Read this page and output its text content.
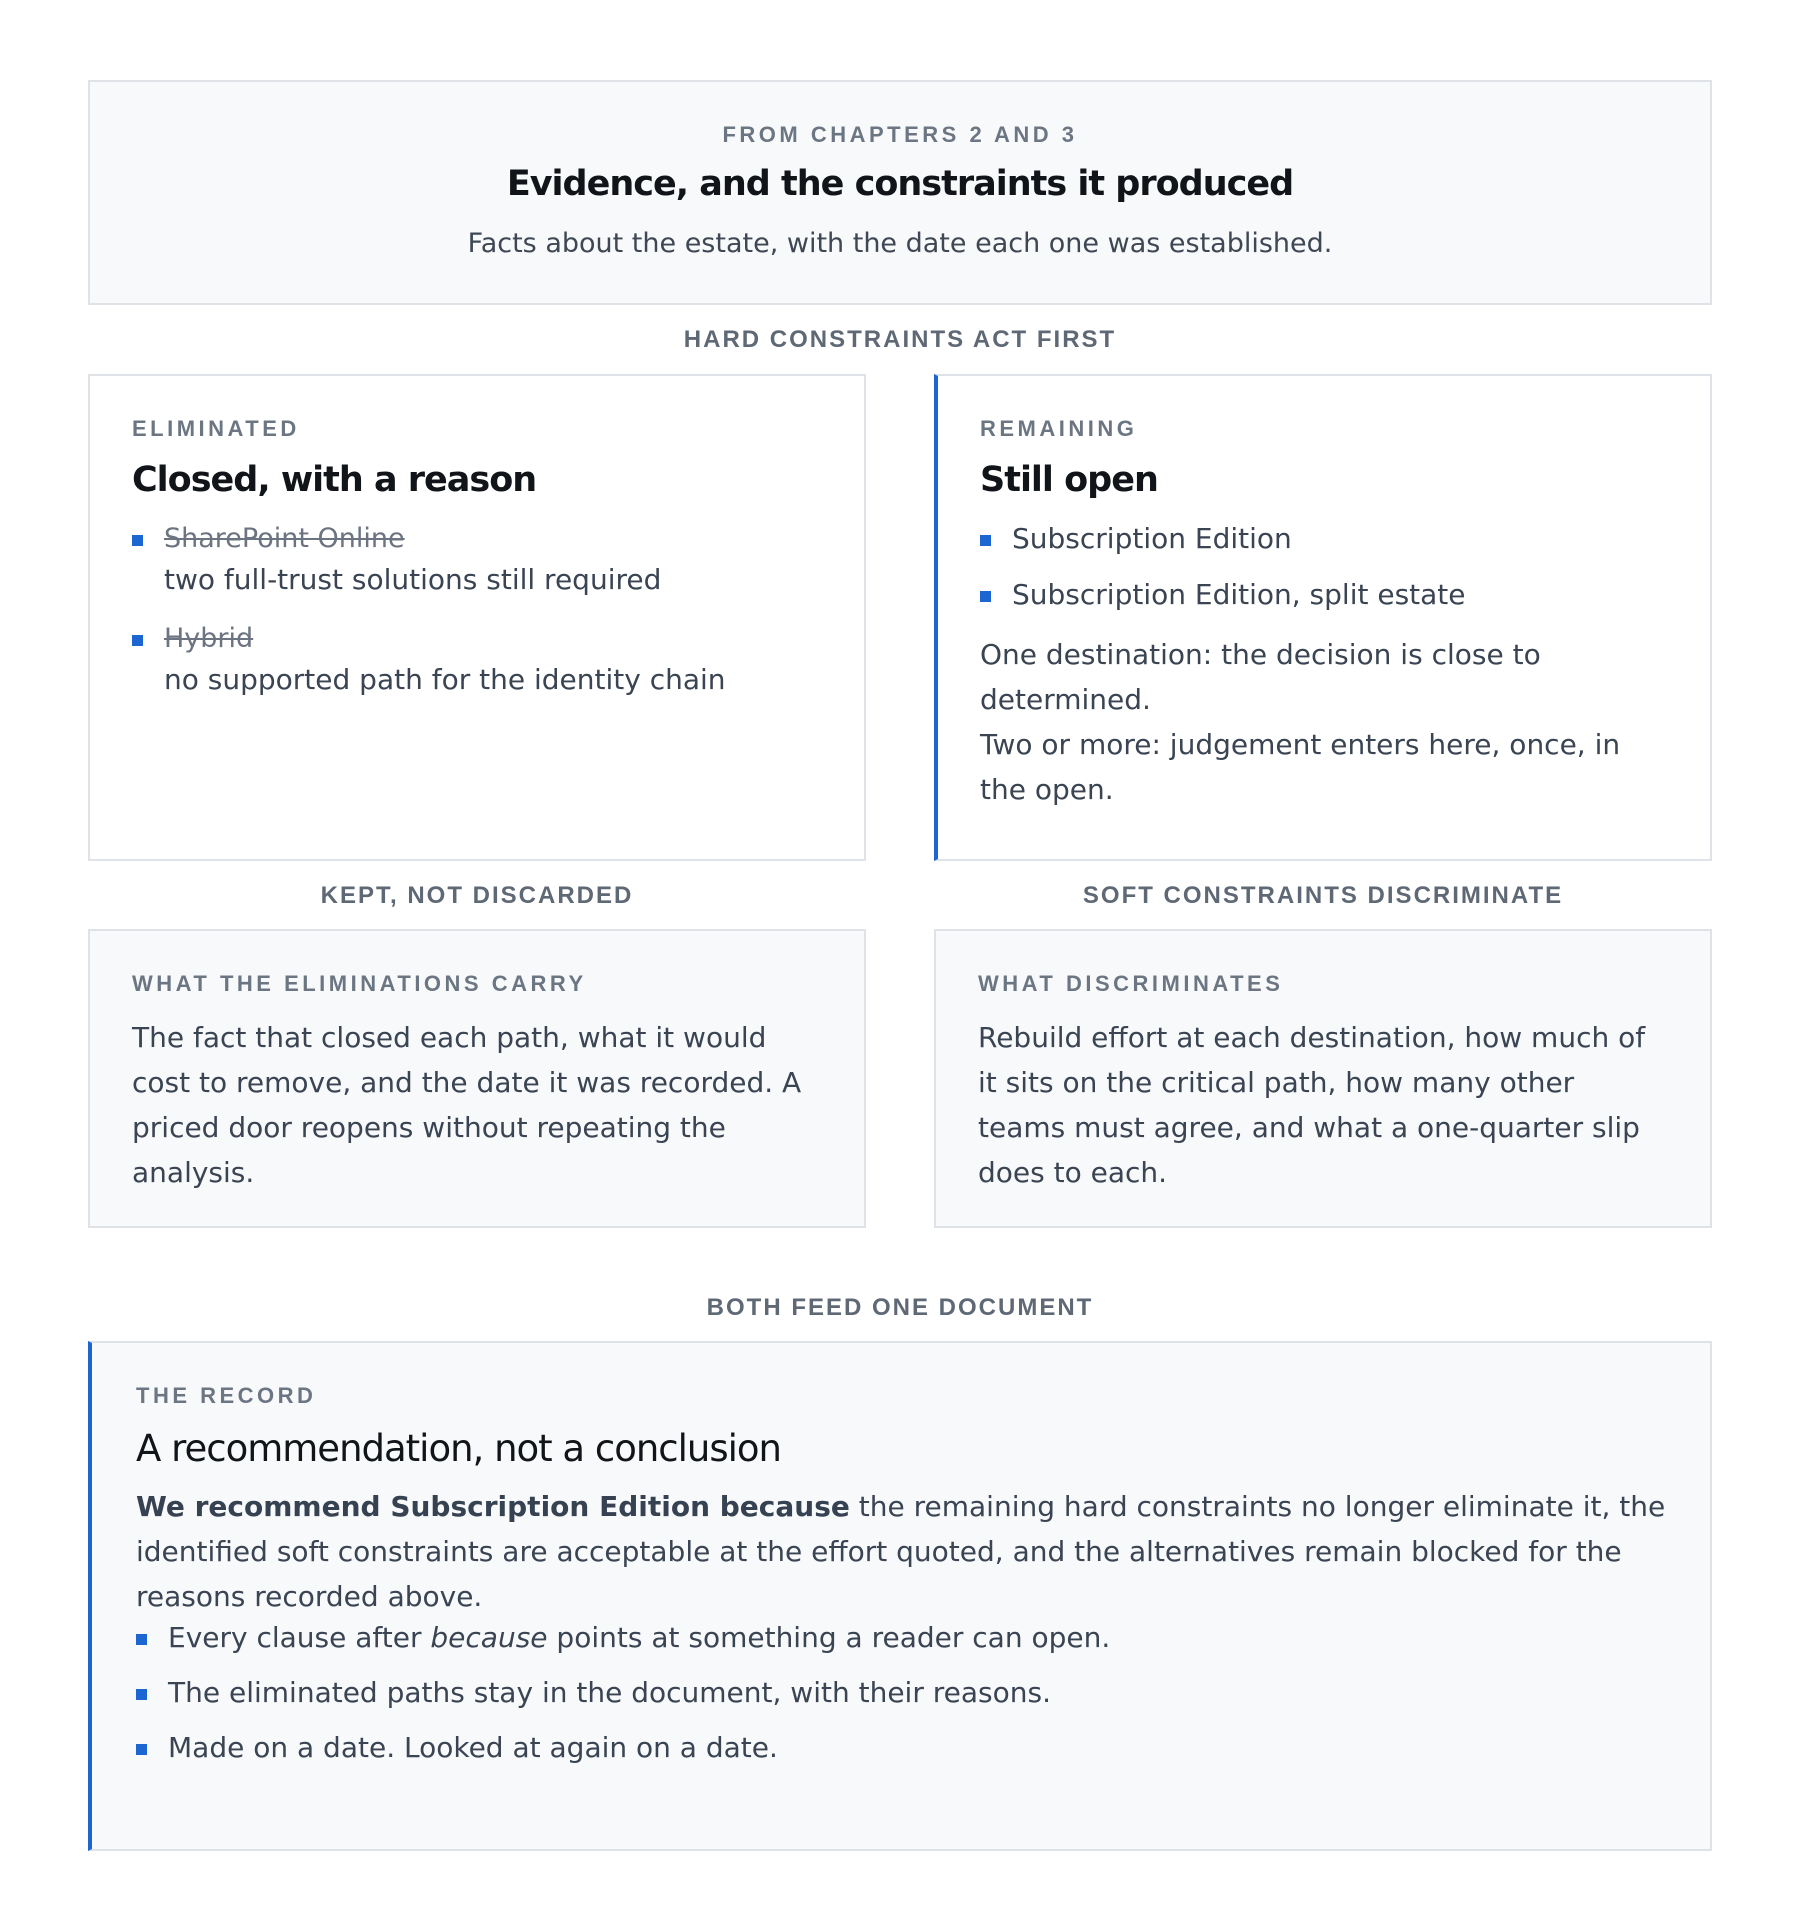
FROM CHAPTERS 2 AND 3
Evidence, and the constraints it produced
Facts about the estate, with the date each one was established.
HARD CONSTRAINTS ACT FIRST
ELIMINATED
Closed, with a reason
SharePoint Online
two full-trust solutions still required
Hybrid
no supported path for the identity chain
REMAINING
Still open
Subscription Edition
Subscription Edition, split estate
One destination: the decision is close to determined.
Two or more: judgement enters here, once, in the open.
KEPT, NOT DISCARDED	SOFT CONSTRAINTS DISCRIMINATE
WHAT THE ELIMINATIONS CARRY
The fact that closed each path, what it would cost to remove, and the date it was recorded. A priced door reopens without repeating the analysis.
WHAT DISCRIMINATES
Rebuild effort at each destination, how much of it sits on the critical path, how many other teams must agree, and what a one-quarter slip does to each.
BOTH FEED ONE DOCUMENT
THE RECORD
A recommendation, not a conclusion
We recommend Subscription Edition because the remaining hard constraints no longer eliminate it, the identified soft constraints are acceptable at the effort quoted, and the alternatives remain blocked for the reasons recorded above.
Every clause after because points at something a reader can open.
The eliminated paths stay in the document, with their reasons.
Made on a date. Looked at again on a date.
